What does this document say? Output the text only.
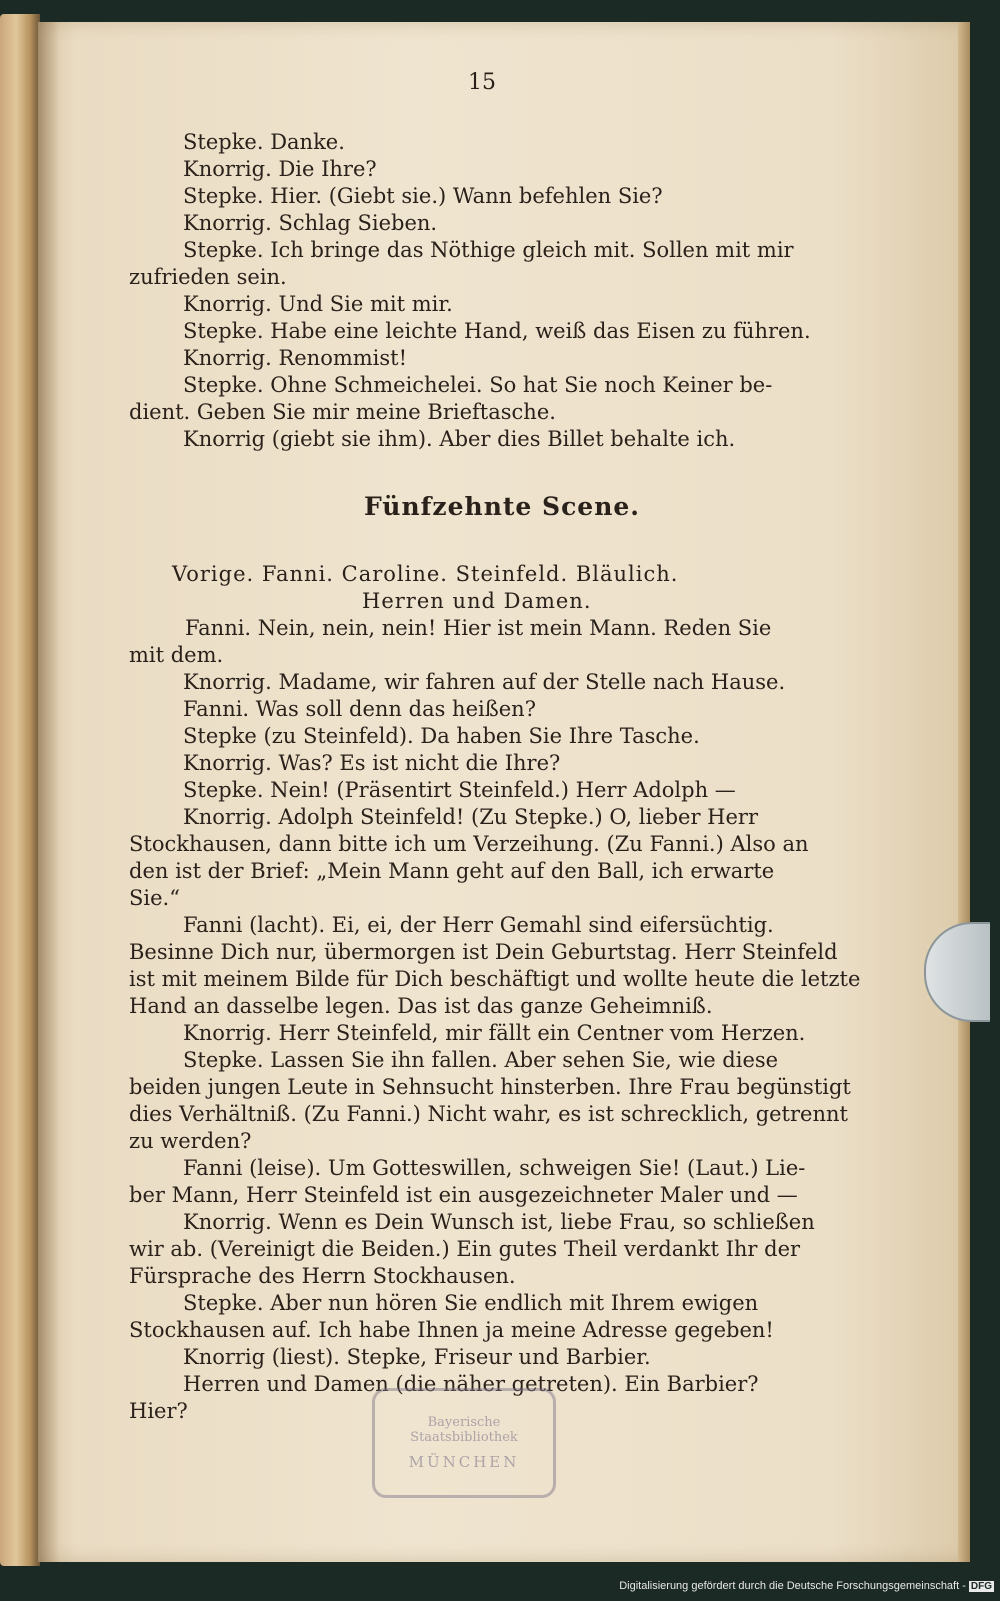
15
Stepke. Danke.
Knorrig. Die Ihre?
Stepke. Hier. (Giebt sie.) Wann befehlen Sie?
Knorrig. Schlag Sieben.
Stepke. Ich bringe das Nöthige gleich mit. Sollen mit mir
zufrieden sein.
Knorrig. Und Sie mit mir.
Stepke. Habe eine leichte Hand, weiß das Eisen zu führen.
Knorrig. Renommist!
Stepke. Ohne Schmeichelei. So hat Sie noch Keiner be-
dient. Geben Sie mir meine Brieftasche.
Knorrig (giebt sie ihm). Aber dies Billet behalte ich.
Fünfzehnte Scene.
Vorige. Fanni. Caroline. Steinfeld. Bläulich.
Herren und Damen.
Fanni. Nein, nein, nein! Hier ist mein Mann. Reden Sie
mit dem.
Knorrig. Madame, wir fahren auf der Stelle nach Hause.
Fanni. Was soll denn das heißen?
Stepke (zu Steinfeld). Da haben Sie Ihre Tasche.
Knorrig. Was? Es ist nicht die Ihre?
Stepke. Nein! (Präsentirt Steinfeld.) Herr Adolph —
Knorrig. Adolph Steinfeld! (Zu Stepke.) O, lieber Herr
Stockhausen, dann bitte ich um Verzeihung. (Zu Fanni.) Also an
den ist der Brief: „Mein Mann geht auf den Ball, ich erwarte
Sie.“
Fanni (lacht). Ei, ei, der Herr Gemahl sind eifersüchtig.
Besinne Dich nur, übermorgen ist Dein Geburtstag. Herr Steinfeld
ist mit meinem Bilde für Dich beschäftigt und wollte heute die letzte
Hand an dasselbe legen. Das ist das ganze Geheimniß.
Knorrig. Herr Steinfeld, mir fällt ein Centner vom Herzen.
Stepke. Lassen Sie ihn fallen. Aber sehen Sie, wie diese
beiden jungen Leute in Sehnsucht hinsterben. Ihre Frau begünstigt
dies Verhältniß. (Zu Fanni.) Nicht wahr, es ist schrecklich, getrennt
zu werden?
Fanni (leise). Um Gotteswillen, schweigen Sie! (Laut.) Lie-
ber Mann, Herr Steinfeld ist ein ausgezeichneter Maler und —
Knorrig. Wenn es Dein Wunsch ist, liebe Frau, so schließen
wir ab. (Vereinigt die Beiden.) Ein gutes Theil verdankt Ihr der
Fürsprache des Herrn Stockhausen.
Stepke. Aber nun hören Sie endlich mit Ihrem ewigen
Stockhausen auf. Ich habe Ihnen ja meine Adresse gegeben!
Knorrig (liest). Stepke, Friseur und Barbier.
Herren und Damen (die näher getreten). Ein Barbier?
Hier?	Bayerische Staatsbibliothek
MÜNCHEN
Digitalisierung gefördert durch die Deutsche Forschungsgemeinschaft - DFG
